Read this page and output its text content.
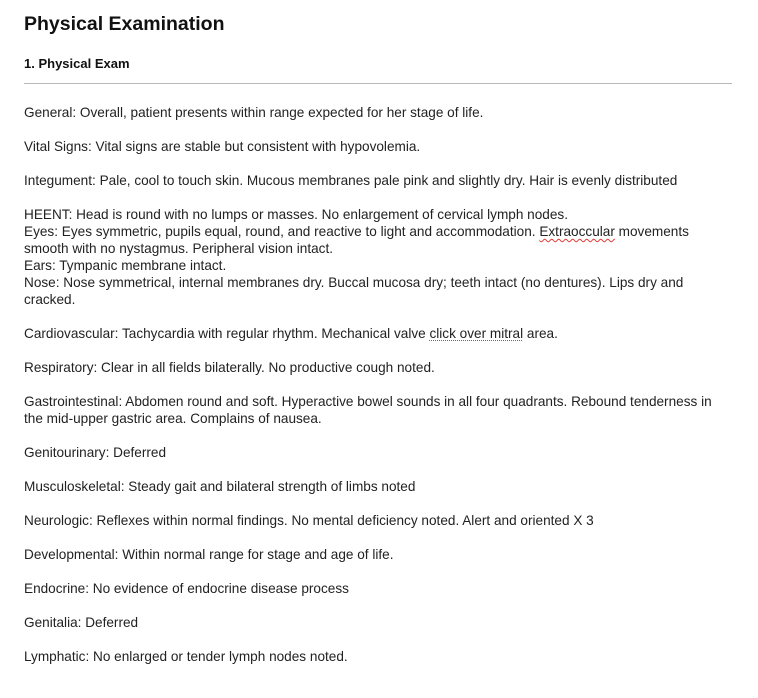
Physical Examination
1. Physical Exam

General: Overall, patient presents within range expected for her stage of life.

Vital Signs: Vital signs are stable but consistent with hypovolemia.

Integument: Pale, cool to touch skin. Mucous membranes pale pink and slightly dry. Hair is evenly distributed

HEENT: Head is round with no lumps or masses. No enlargement of cervical lymph nodes.
Eyes: Eyes symmetric, pupils equal, round, and reactive to light and accommodation. Extraoccular movements smooth with no nystagmus. Peripheral vision intact.
Ears: Tympanic membrane intact.
Nose: Nose symmetrical, internal membranes dry. Buccal mucosa dry; teeth intact (no dentures). Lips dry and cracked.

Cardiovascular: Tachycardia with regular rhythm. Mechanical valve click over mitral area.

Respiratory: Clear in all fields bilaterally. No productive cough noted.

Gastrointestinal: Abdomen round and soft. Hyperactive bowel sounds in all four quadrants. Rebound tenderness in the mid-upper gastric area. Complains of nausea.

Genitourinary: Deferred

Musculoskeletal: Steady gait and bilateral strength of limbs noted

Neurologic: Reflexes within normal findings. No mental deficiency noted. Alert and oriented X 3

Developmental: Within normal range for stage and age of life.

Endocrine: No evidence of endocrine disease process

Genitalia: Deferred

Lymphatic: No enlarged or tender lymph nodes noted.
